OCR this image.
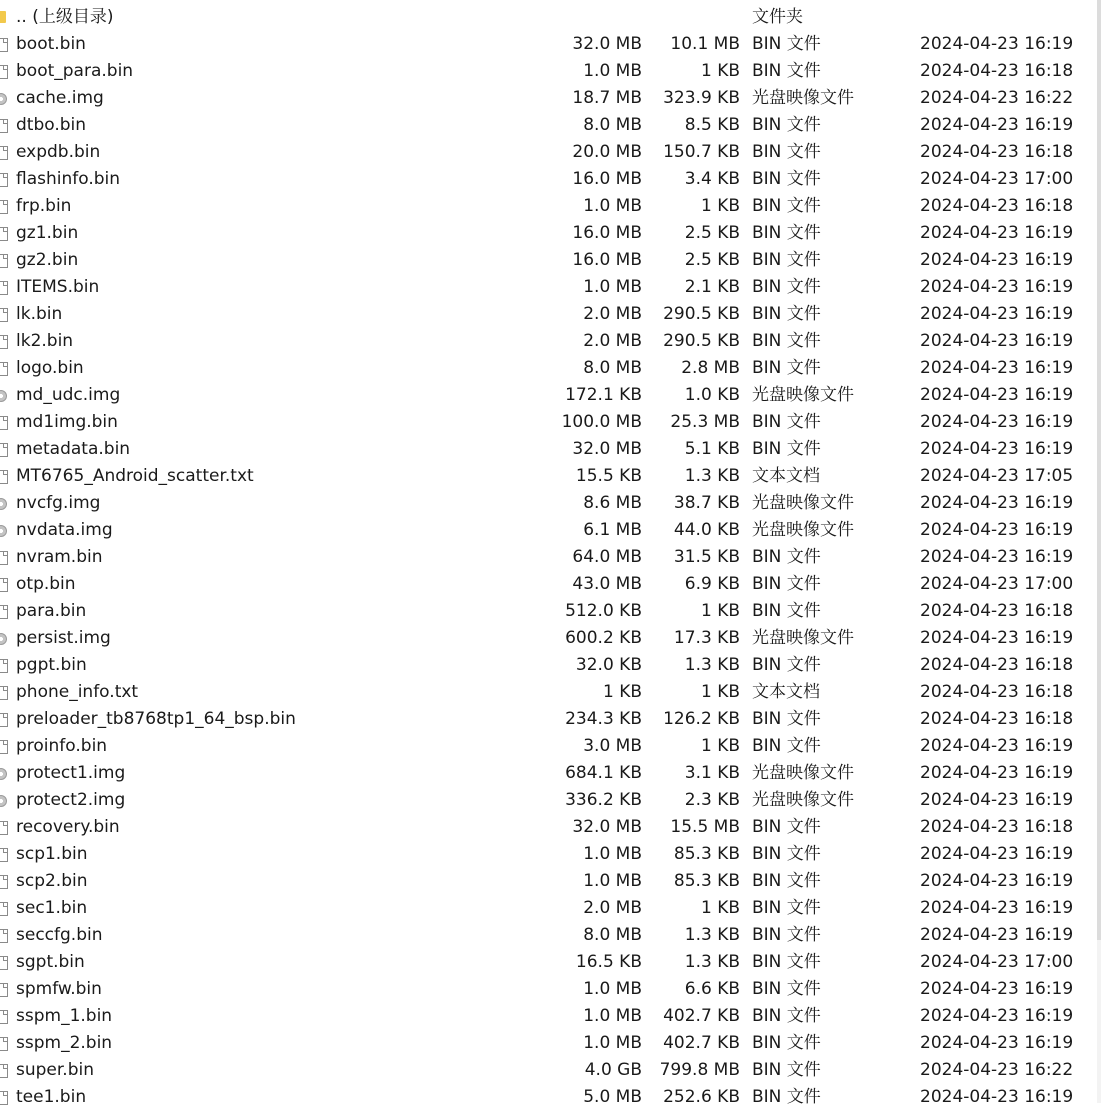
.. (上级目录)	文件夹
boot.bin	32.0 MB	10.1 MB BIN 文件	2024-04-23 16:19
boot_para.bin	1.0 MB	1 KB BIN 文件	2024-04-23 16:18
cache.img	18.7 MB	323.9 KB 光盘映像文件	2024-04-23 16:22
dtbo.bin	8.0 MB	8.5 KB BIN 文件	2024-04-23 16:19
expdb.bin	20.0 MB	150.7 KB BIN 文件	2024-04-23 16:18
flashinfo.bin	16.0 MB	3.4 KB BIN 文件	2024-04-23 17:00
frp.bin	1.0 MB	1 KB BIN 文件	2024-04-23 16:18
gz1.bin	16.0 MB	2.5 KB BIN 文件	2024-04-23 16:19
gz2.bin	16.0 MB	2.5 KB BIN 文件	2024-04-23 16:19
ITEMS.bin	1.0 MB	2.1 KB BIN 文件	2024-04-23 16:19
lk.bin	2.0 MB	290.5 KB BIN 文件	2024-04-23 16:19
lk2.bin	2.0 MB	290.5 KB BIN 文件	2024-04-23 16:19
logo.bin	8.0 MB	2.8 MB BIN 文件	2024-04-23 16:19
md_udc.img	172.1 KB	1.0 KB 光盘映像文件	2024-04-23 16:19
md1img.bin	100.0 MB	25.3 MB BIN 文件	2024-04-23 16:19
metadata.bin	32.0 MB	5.1 KB BIN 文件	2024-04-23 16:19
MT6765_Android_scatter.txt	15.5 KB	1.3 KB 文本文档	2024-04-23 17:05
nvcfg.img	8.6 MB	38.7 KB 光盘映像文件	2024-04-23 16:19
nvdata.img	6.1 MB	44.0 KB 光盘映像文件	2024-04-23 16:19
nvram.bin	64.0 MB	31.5 KB BIN 文件	2024-04-23 16:19
otp.bin	43.0 MB	6.9 KB BIN 文件	2024-04-23 17:00
para.bin	512.0 KB	1 KB BIN 文件	2024-04-23 16:18
persist.img	600.2 KB	17.3 KB 光盘映像文件	2024-04-23 16:19
pgpt.bin	32.0 KB	1.3 KB BIN 文件	2024-04-23 16:18
phone_info.txt	1 KB	1 KB 文本文档	2024-04-23 16:18
preloader_tb8768tp1_64_bsp.bin	234.3 KB	126.2 KB BIN 文件	2024-04-23 16:18
proinfo.bin	3.0 MB	1 KB BIN 文件	2024-04-23 16:19
protect1.img	684.1 KB	3.1 KB 光盘映像文件	2024-04-23 16:19
protect2.img	336.2 KB	2.3 KB 光盘映像文件	2024-04-23 16:19
recovery.bin	32.0 MB	15.5 MB BIN 文件	2024-04-23 16:18
scp1.bin	1.0 MB	85.3 KB BIN 文件	2024-04-23 16:19
scp2.bin	1.0 MB	85.3 KB BIN 文件	2024-04-23 16:19
sec1.bin	2.0 MB	1 KB BIN 文件	2024-04-23 16:19
seccfg.bin	8.0 MB	1.3 KB BIN 文件	2024-04-23 16:19
sgpt.bin	16.5 KB	1.3 KB BIN 文件	2024-04-23 17:00
spmfw.bin	1.0 MB	6.6 KB BIN 文件	2024-04-23 16:19
sspm_1.bin	1.0 MB	402.7 KB BIN 文件	2024-04-23 16:19
sspm_2.bin	1.0 MB	402.7 KB BIN 文件	2024-04-23 16:19
super.bin	4.0 GB	799.8 MB BIN 文件	2024-04-23 16:22
tee1.bin	5.0 MB	252.6 KB BIN 文件	2024-04-23 16:19
